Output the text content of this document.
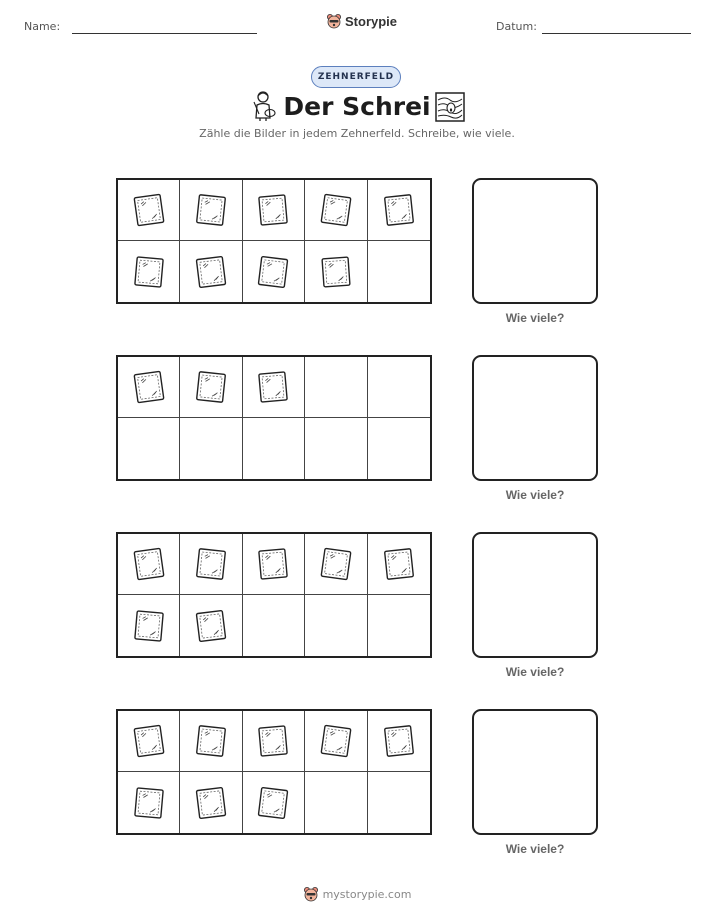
Name:	Storypie	Datum:
ZEHNERFELD
Der Schrei
Zähle die Bilder in jedem Zehnerfeld. Schreibe, wie viele.
Wie viele?
Wie viele?
Wie viele?
Wie viele?
mystorypie.com
